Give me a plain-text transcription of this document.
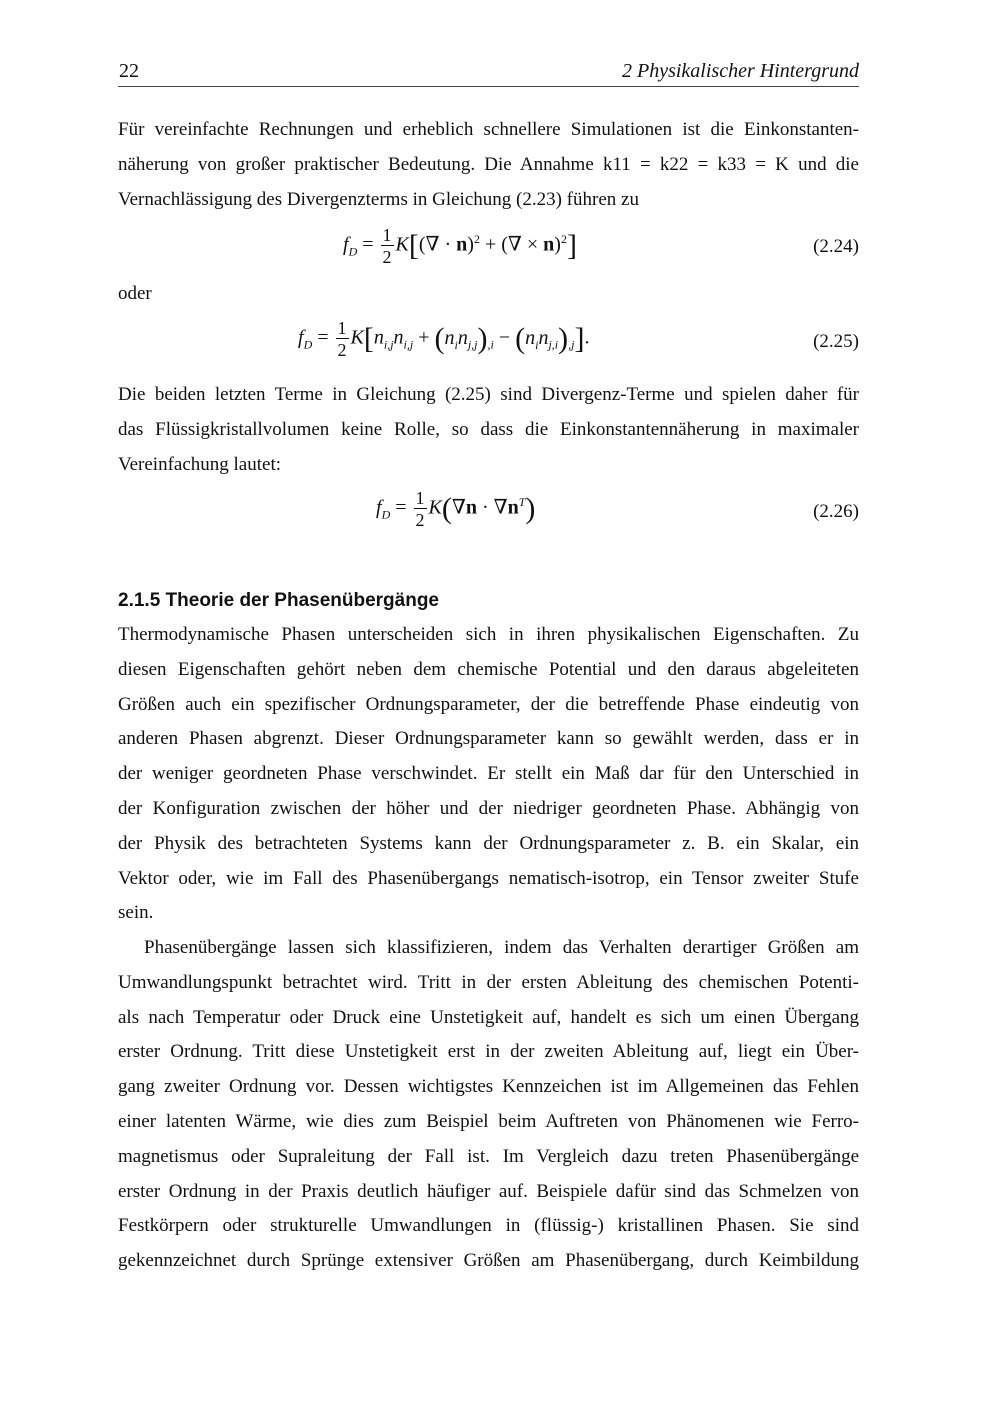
22	2 Physikalischer Hintergrund
Für vereinfachte Rechnungen und erheblich schnellere Simulationen ist die Einkonstanten-
näherung von großer praktischer Bedeutung. Die Annahme k11 = k22 = k33 = K und die
Vernachlässigung des Divergenzterms in Gleichung (2.23) führen zu
$f_D = \frac{1}{2} K[(\nabla \cdot n)^2$ + (∇ × n)$^2$]	(2.24)
oder
$f_D = \frac{1}{2} K[n_{i,j}n_{i,j} + (n_in_{j,j})_{,i} - (n_in_{j,i})_{,j}]$.	(2.25)
Die beiden letzten Terme in Gleichung (2.25) sind Divergenz-Terme und spielen daher für
das Flüssigkristallvolumen keine Rolle, so dass die Einkonstantennäherung in maximaler
Vereinfachung lautet:
$f_D = \frac{1}{2} K(\nabla n \cdot \nabla n^T)$	(2.26)
2.1.5 Theorie der Phasenübergänge
Thermodynamische Phasen unterscheiden sich in ihren physikalischen Eigenschaften. Zu
diesen Eigenschaften gehört neben dem chemische Potential und den daraus abgeleiteten
Größen auch ein spezifischer Ordnungsparameter, der die betreffende Phase eindeutig von
anderen Phasen abgrenzt. Dieser Ordnungsparameter kann so gewählt werden, dass er in
der weniger geordneten Phase verschwindet. Er stellt ein Maß dar für den Unterschied in
der Konfiguration zwischen der höher und der niedriger geordneten Phase. Abhängig von
der Physik des betrachteten Systems kann der Ordnungsparameter z. B. ein Skalar, ein
Vektor oder, wie im Fall des Phasenübergangs nematisch-isotrop, ein Tensor zweiter Stufe
sein.
Phasenübergänge lassen sich klassifizieren, indem das Verhalten derartiger Größen am
Umwandlungspunkt betrachtet wird. Tritt in der ersten Ableitung des chemischen Potenti-
als nach Temperatur oder Druck eine Unstetigkeit auf, handelt es sich um einen Übergang
erster Ordnung. Tritt diese Unstetigkeit erst in der zweiten Ableitung auf, liegt ein Über-
gang zweiter Ordnung vor. Dessen wichtigstes Kennzeichen ist im Allgemeinen das Fehlen
einer latenten Wärme, wie dies zum Beispiel beim Auftreten von Phänomenen wie Ferro-
magnetismus oder Supraleitung der Fall ist. Im Vergleich dazu treten Phasenübergänge
erster Ordnung in der Praxis deutlich häufiger auf. Beispiele dafür sind das Schmelzen von
Festkörpern oder strukturelle Umwandlungen in (flüssig-) kristallinen Phasen. Sie sind
gekennzeichnet durch Sprünge extensiver Größen am Phasenübergang, durch Keimbildung
